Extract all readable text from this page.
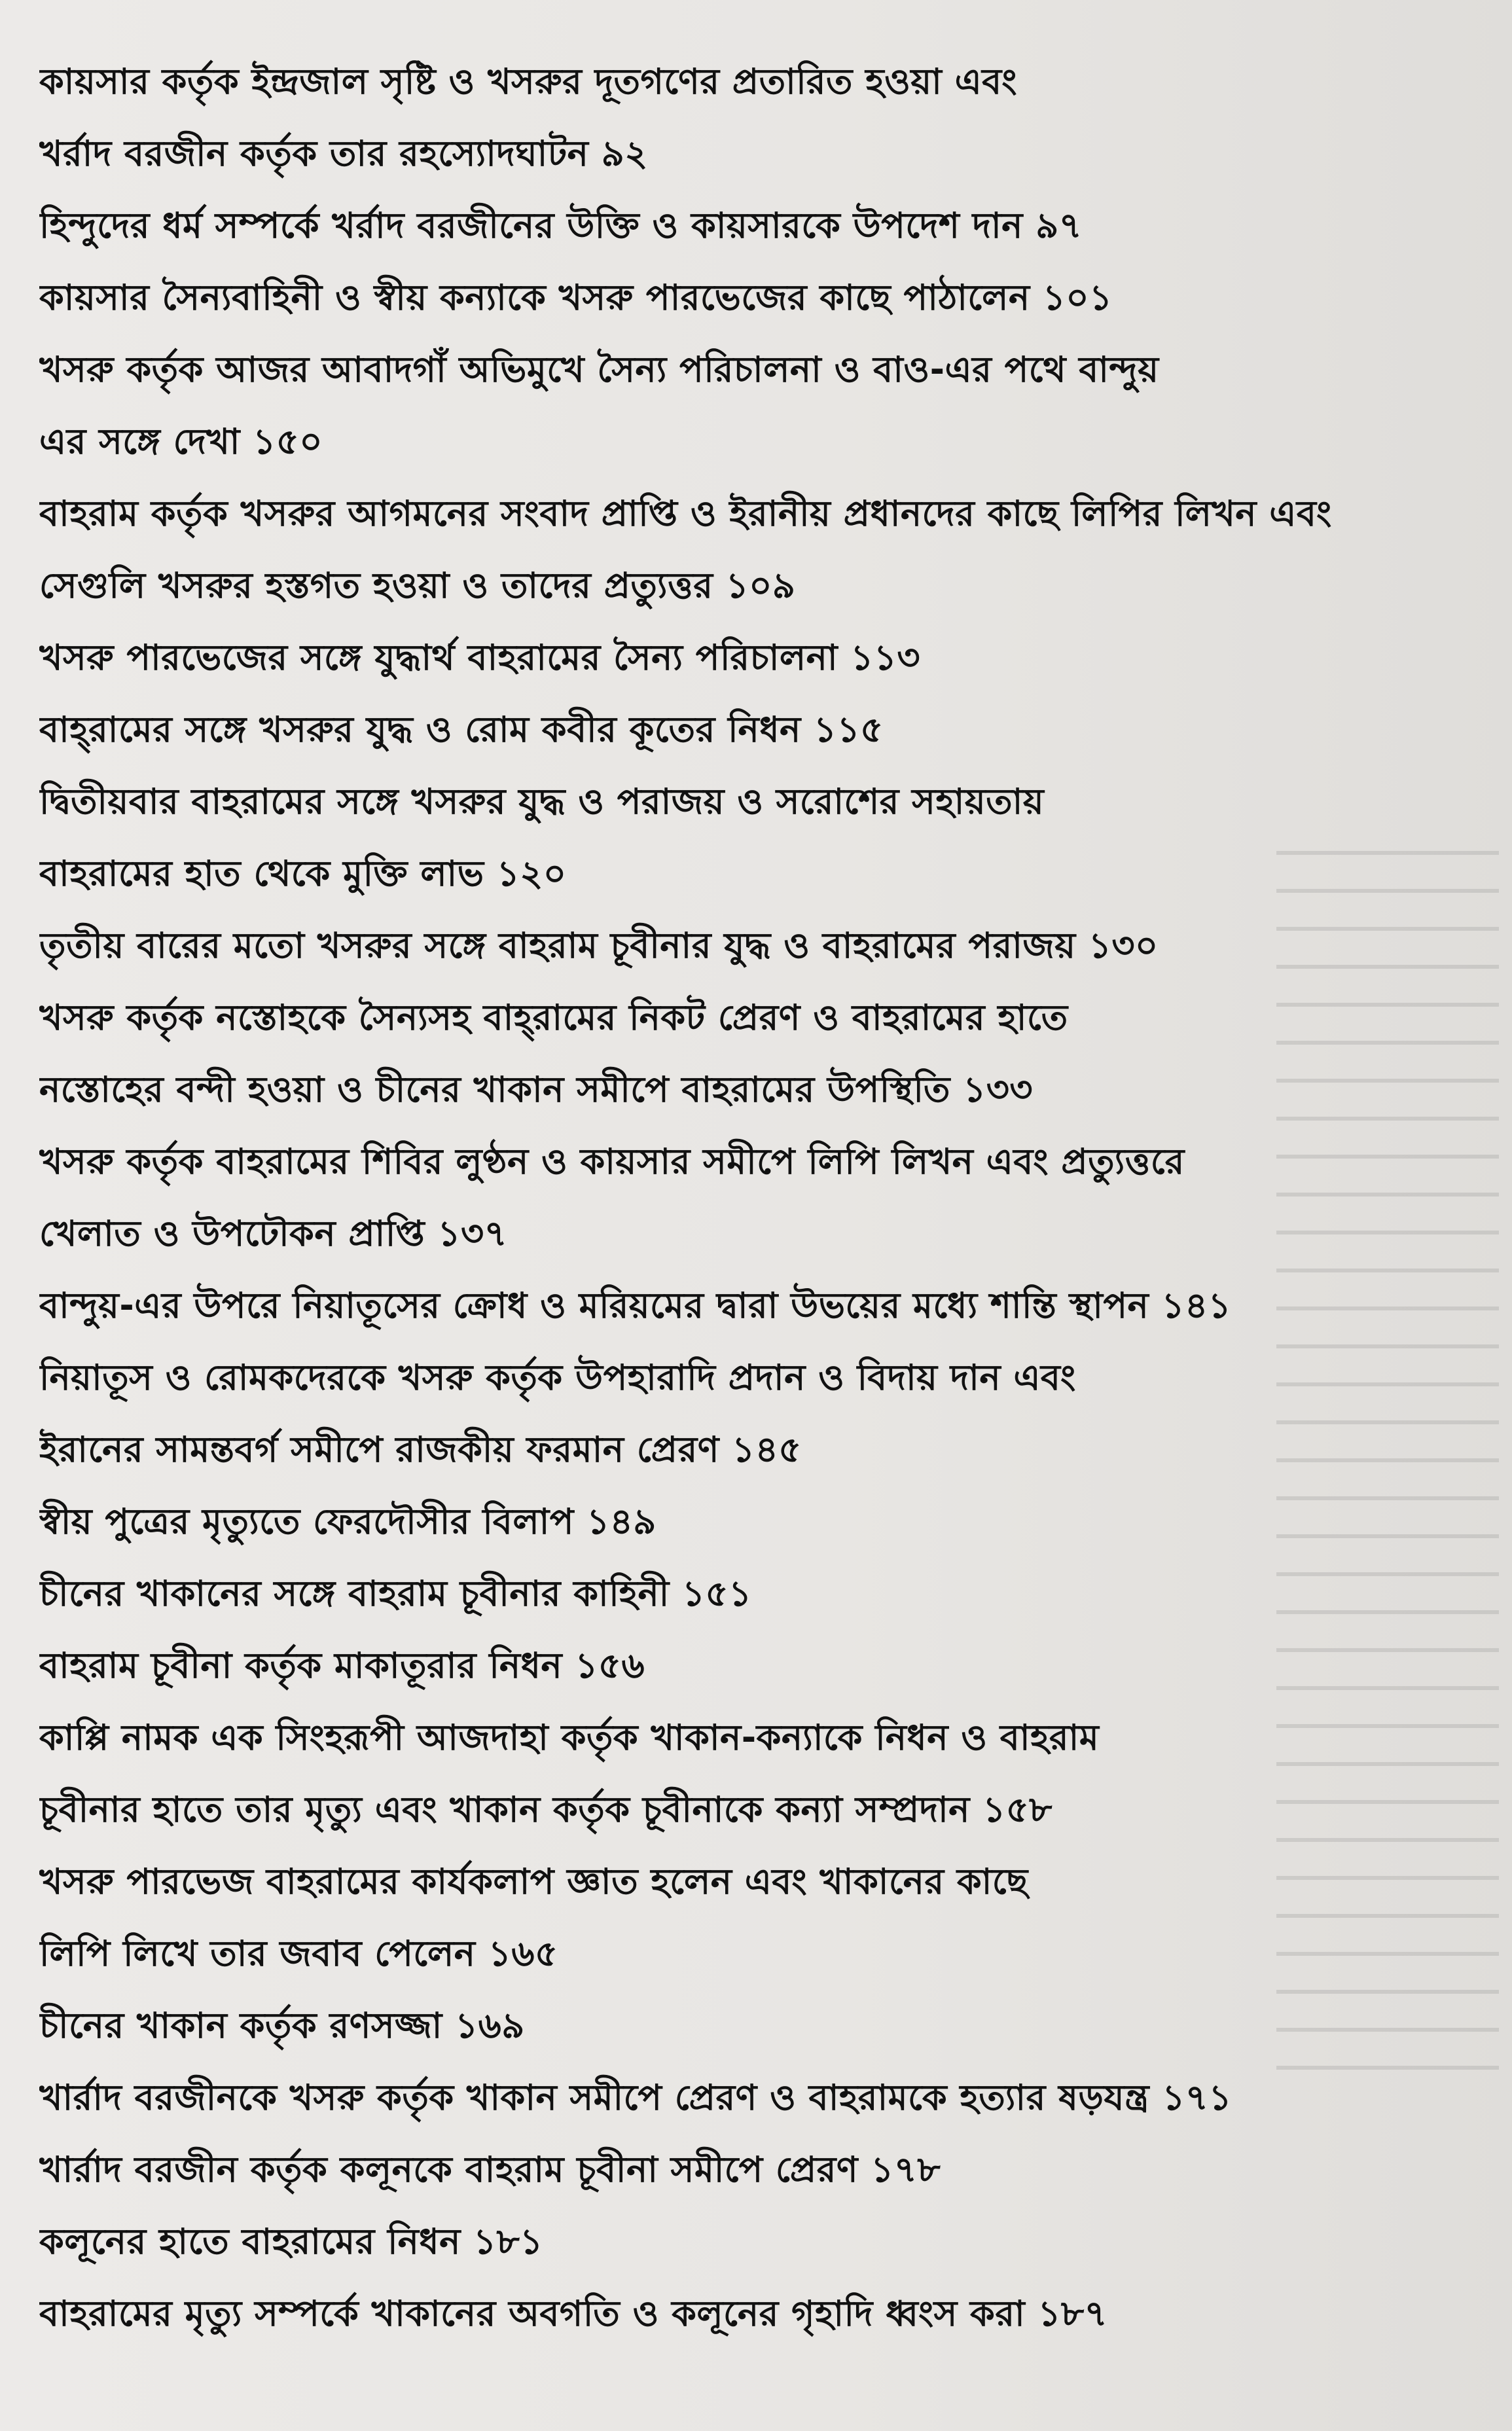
কায়সার কর্তৃক ইন্দ্রজাল সৃষ্টি ও খসরুর দূতগণের প্রতারিত হওয়া এবং
খর্রাদ বরজীন কর্তৃক তার রহস্যোদঘাটন ৯২
হিন্দুদের ধর্ম সম্পর্কে খর্রাদ বরজীনের উক্তি ও কায়সারকে উপদেশ দান ৯৭
কায়সার সৈন্যবাহিনী ও স্বীয় কন্যাকে খসরু পারভেজের কাছে পাঠালেন ১০১
খসরু কর্তৃক আজর আবাদগাঁ অভিমুখে সৈন্য পরিচালনা ও বাও-এর পথে বান্দুয়
এর সঙ্গে দেখা ১৫০
বাহরাম কর্তৃক খসরুর আগমনের সংবাদ প্রাপ্তি ও ইরানীয় প্রধানদের কাছে লিপির লিখন এবং
সেগুলি খসরুর হস্তগত হওয়া ও তাদের প্রত্যুত্তর ১০৯
খসরু পারভেজের সঙ্গে যুদ্ধার্থ বাহরামের সৈন্য পরিচালনা ১১৩
বাহ্‌রামের সঙ্গে খসরুর যুদ্ধ ও রোম কবীর কূতের নিধন ১১৫
দ্বিতীয়বার বাহরামের সঙ্গে খসরুর যুদ্ধ ও পরাজয় ও সরোশের সহায়তায়
বাহরামের হাত থেকে মুক্তি লাভ ১২০
তৃতীয় বারের মতো খসরুর সঙ্গে বাহরাম চূবীনার যুদ্ধ ও বাহরামের পরাজয় ১৩০
খসরু কর্তৃক নস্তোহকে সৈন্যসহ বাহ্‌রামের নিকট প্রেরণ ও বাহরামের হাতে
নস্তোহের বন্দী হওয়া ও চীনের খাকান সমীপে বাহরামের উপস্থিতি ১৩৩
খসরু কর্তৃক বাহরামের শিবির লুণ্ঠন ও কায়সার সমীপে লিপি লিখন এবং প্রত্যুত্তরে
খেলাত ও উপঢৌকন প্রাপ্তি ১৩৭
বান্দুয়-এর উপরে নিয়াতূসের ক্রোধ ও মরিয়মের দ্বারা উভয়ের মধ্যে শান্তি স্থাপন ১৪১
নিয়াতূস ও রোমকদেরকে খসরু কর্তৃক উপহারাদি প্রদান ও বিদায় দান এবং
ইরানের সামন্তবর্গ সমীপে রাজকীয় ফরমান প্রেরণ ১৪৫
স্বীয় পুত্রের মৃত্যুতে ফেরদৌসীর বিলাপ ১৪৯
চীনের খাকানের সঙ্গে বাহরাম চূবীনার কাহিনী ১৫১
বাহরাম চূবীনা কর্তৃক মাকাতূরার নিধন ১৫৬
কাপ্পি নামক এক সিংহরূপী আজদাহা কর্তৃক খাকান-কন্যাকে নিধন ও বাহরাম
চূবীনার হাতে তার মৃত্যু এবং খাকান কর্তৃক চূবীনাকে কন্যা সম্প্রদান ১৫৮
খসরু পারভেজ বাহরামের কার্যকলাপ জ্ঞাত হলেন এবং খাকানের কাছে
লিপি লিখে তার জবাব পেলেন ১৬৫
চীনের খাকান কর্তৃক রণসজ্জা ১৬৯
খার্রাদ বরজীনকে খসরু কর্তৃক খাকান সমীপে প্রেরণ ও বাহরামকে হত্যার ষড়যন্ত্র ১৭১
খার্রাদ বরজীন কর্তৃক কলূনকে বাহরাম চূবীনা সমীপে প্রেরণ ১৭৮
কলূনের হাতে বাহরামের নিধন ১৮১
বাহরামের মৃত্যু সম্পর্কে খাকানের অবগতি ও কলূনের গৃহাদি ধ্বংস করা ১৮৭
